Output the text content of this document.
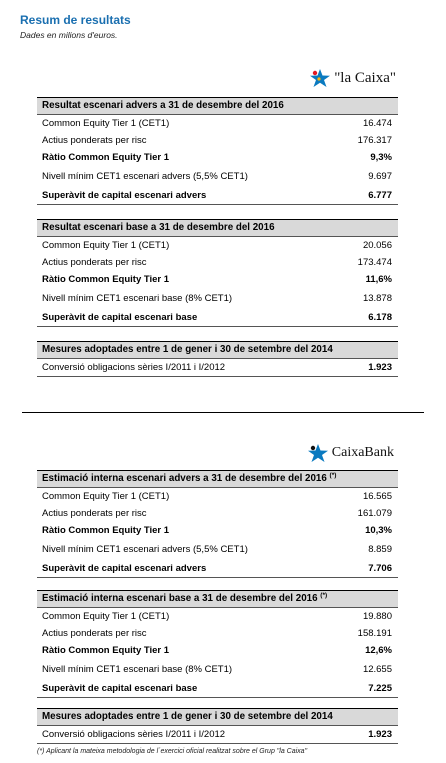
Resum de resultats
Dades en milions d'euros.
"la Caixa"
Resultat escenari advers a 31 de desembre del 2016
Common Equity Tier 1 (CET1)	16.474
Actius ponderats per risc	176.317
Ràtio Common Equity Tier 1	9,3%
Nivell mínim CET1 escenari advers (5,5% CET1)	9.697
Superàvit de capital escenari advers	6.777
Resultat escenari base a 31 de desembre del 2016
Common Equity Tier 1 (CET1)	20.056
Actius ponderats per risc	173.474
Ràtio Common Equity Tier 1	11,6%
Nivell mínim CET1 escenari base (8% CET1)	13.878
Superàvit de capital escenari base	6.178
Mesures adoptades entre 1 de gener i 30 de setembre del 2014
Conversió obligacions sèries I/2011 i I/2012	1.923
CaixaBank
Estimació interna escenari advers a 31 de desembre del 2016 (*)
Common Equity Tier 1 (CET1)	16.565
Actius ponderats per risc	161.079
Ràtio Common Equity Tier 1	10,3%
Nivell mínim CET1 escenari advers (5,5% CET1)	8.859
Superàvit de capital escenari advers	7.706
Estimació interna escenari base a 31 de desembre del 2016 (*)
Common Equity Tier 1 (CET1)	19.880
Actius ponderats per risc	158.191
Ràtio Common Equity Tier 1	12,6%
Nivell mínim CET1 escenari base (8% CET1)	12.655
Superàvit de capital escenari base	7.225
Mesures adoptades entre 1 de gener i 30 de setembre del 2014
Conversió obligacions sèries I/2011 i I/2012	1.923
(*) Aplicant la mateixa metodologia de l´exercici oficial realitzat sobre el Grup "la Caixa"
